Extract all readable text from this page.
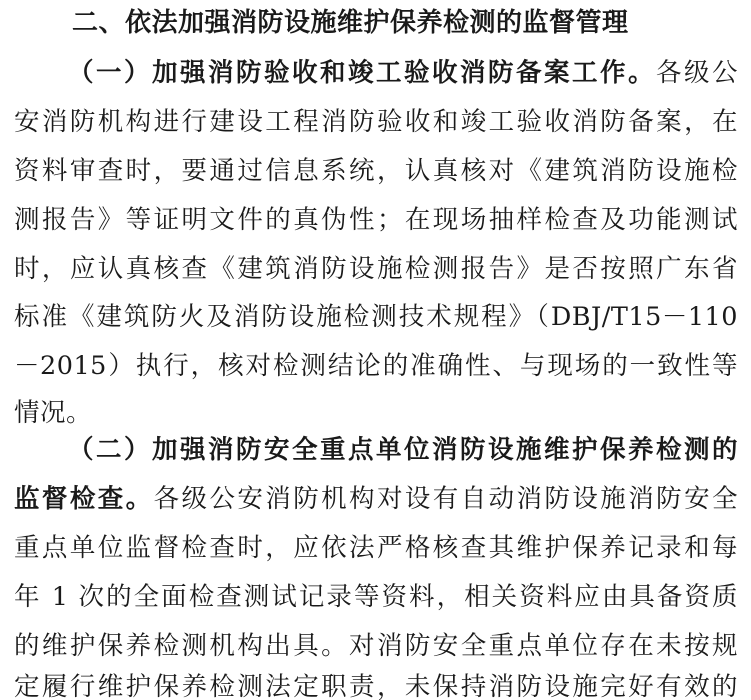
二、依法加强消防设施维护保养检测的监督管理
（一）加强消防验收和竣工验收消防备案工作。各级公
安消防机构进行建设工程消防验收和竣工验收消防备案，在
资料审查时，要通过信息系统，认真核对《建筑消防设施检
测报告》等证明文件的真伪性；在现场抽样检查及功能测试
时，应认真核查《建筑消防设施检测报告》是否按照广东省
标准《建筑防火及消防设施检测技术规程》（DBJ/T15－110
－2015）执行，核对检测结论的准确性、与现场的一致性等
情况。
（二）加强消防安全重点单位消防设施维护保养检测的
监督检查。各级公安消防机构对设有自动消防设施消防安全
重点单位监督检查时，应依法严格核查其维护保养记录和每
年 1 次的全面检查测试记录等资料，相关资料应由具备资质
的维护保养检测机构出具。对消防安全重点单位存在未按规
定履行维护保养检测法定职责，未保持消防设施完好有效的
